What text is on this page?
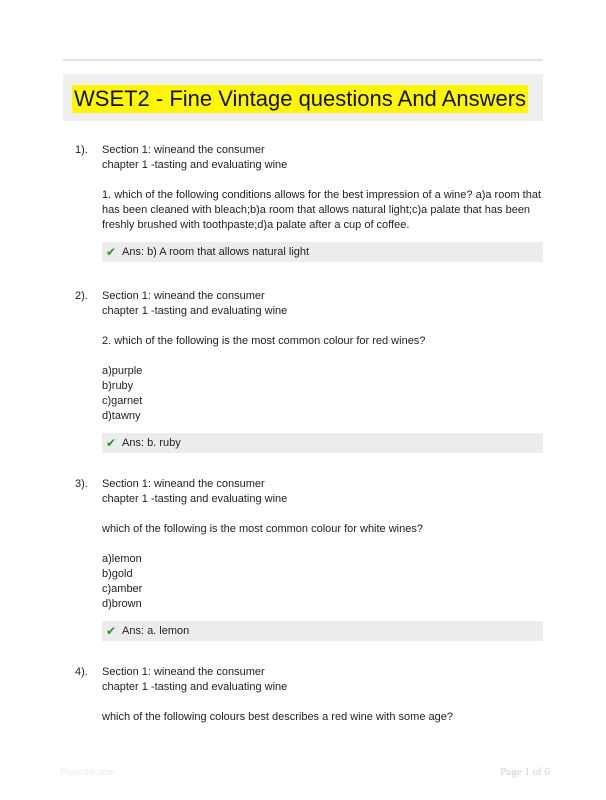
WSET2 - Fine Vintage questions And Answers
1). Section 1: wineand the consumer

chapter 1 -tasting and evaluating wine

1. which of the following conditions allows for the best impression of a wine? a)a room that has been cleaned with bleach;b)a room that allows natural light;c)a palate that has been freshly brushed with toothpaste;d)a palate after a cup of coffee.

✔ Ans: b) A room that allows natural light
2). Section 1: wineand the consumer

chapter 1 -tasting and evaluating wine

2. which of the following is the most common colour for red wines?

a)purple

b)ruby

c)garnet

d)tawny

✔ Ans: b. ruby
3). Section 1: wineand the consumer

chapter 1 -tasting and evaluating wine

which of the following is the most common colour for white wines?

a)lemon

b)gold

c)amber

d)brown

✔ Ans: a. lemon
4). Section 1: wineand the consumer

chapter 1 -tasting and evaluating wine

which of the following colours best describes a red wine with some age?

Papertlio.com	Page 1 of 6
